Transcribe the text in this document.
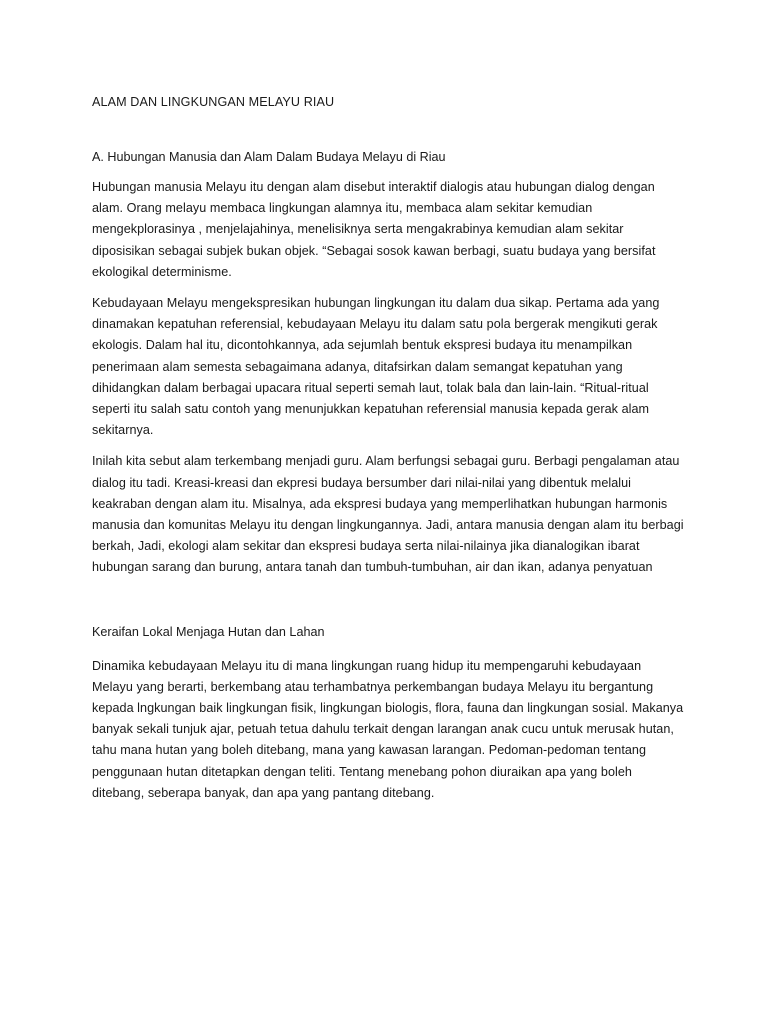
ALAM DAN LINGKUNGAN MELAYU RIAU
A. Hubungan Manusia dan Alam Dalam Budaya Melayu di Riau
Hubungan manusia Melayu itu dengan alam disebut interaktif dialogis atau hubungan dialog dengan
alam. Orang melayu membaca lingkungan alamnya itu, membaca alam sekitar kemudian
mengekplorasinya , menjelajahinya, menelisiknya serta mengakrabinya kemudian alam sekitar
diposisikan sebagai subjek bukan objek. “Sebagai sosok kawan berbagi, suatu budaya yang bersifat
ekologikal determinisme.
Kebudayaan Melayu mengekspresikan hubungan lingkungan itu dalam dua sikap. Pertama ada yang
dinamakan kepatuhan referensial, kebudayaan Melayu itu dalam satu pola bergerak mengikuti gerak
ekologis. Dalam hal itu, dicontohkannya, ada sejumlah bentuk ekspresi budaya itu menampilkan
penerimaan alam semesta sebagaimana adanya, ditafsirkan dalam semangat kepatuhan yang
dihidangkan dalam berbagai upacara ritual seperti semah laut, tolak bala dan lain-lain. “Ritual-ritual
seperti itu salah satu contoh yang menunjukkan kepatuhan referensial manusia kepada gerak alam
sekitarnya.
Inilah kita sebut alam terkembang menjadi guru. Alam berfungsi sebagai guru. Berbagi pengalaman atau
dialog itu tadi. Kreasi-kreasi dan ekpresi budaya bersumber dari nilai-nilai yang dibentuk melalui
keakraban dengan alam itu. Misalnya, ada ekspresi budaya yang memperlihatkan hubungan harmonis
manusia dan komunitas Melayu itu dengan lingkungannya. Jadi, antara manusia dengan alam itu berbagi
berkah, Jadi, ekologi alam sekitar dan ekspresi budaya serta nilai-nilainya jika dianalogikan ibarat
hubungan sarang dan burung, antara tanah dan tumbuh-tumbuhan, air dan ikan, adanya penyatuan
Keraifan Lokal Menjaga Hutan dan Lahan
Dinamika kebudayaan Melayu itu di mana lingkungan ruang hidup itu mempengaruhi kebudayaan
Melayu yang berarti, berkembang atau terhambatnya perkembangan budaya Melayu itu bergantung
kepada lngkungan baik lingkungan fisik, lingkungan biologis, flora, fauna dan lingkungan sosial. Makanya
banyak sekali tunjuk ajar, petuah tetua dahulu terkait dengan larangan anak cucu untuk merusak hutan,
tahu mana hutan yang boleh ditebang, mana yang kawasan larangan. Pedoman-pedoman tentang
penggunaan hutan ditetapkan dengan teliti. Tentang menebang pohon diuraikan apa yang boleh
ditebang, seberapa banyak, dan apa yang pantang ditebang.
